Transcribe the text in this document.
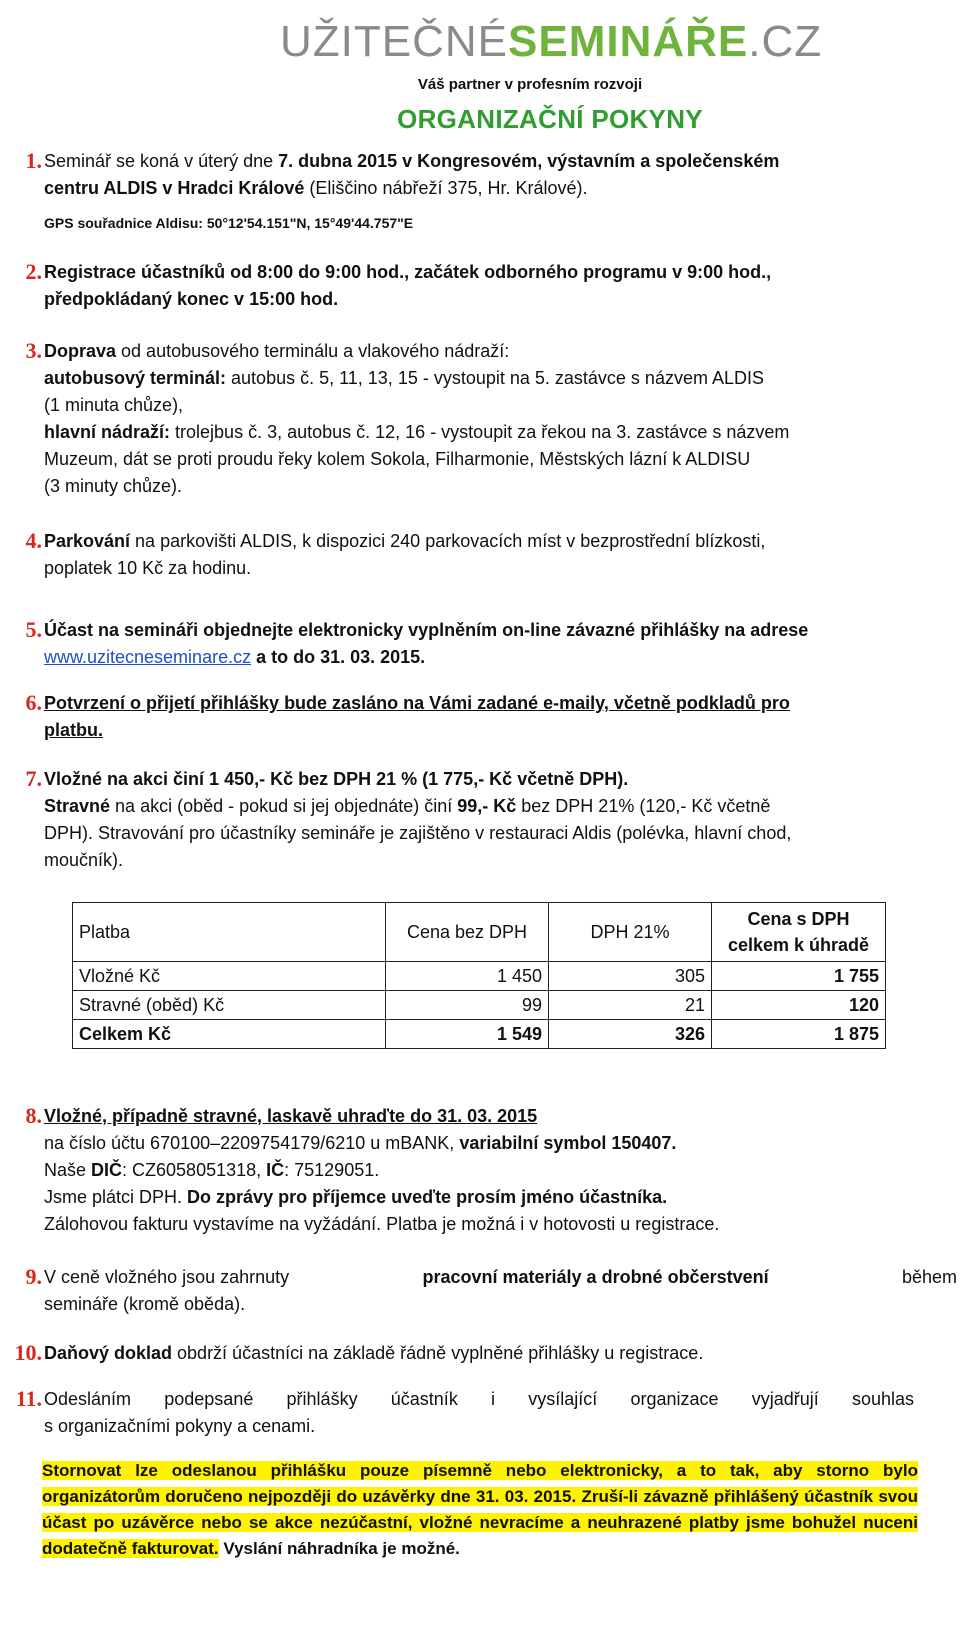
UŽITEČNÉSEMINÁŘE.CZ
Váš partner v profesním rozvoji
ORGANIZAČNÍ POKYNY
1. Seminář se koná v úterý dne 7. dubna 2015 v Kongresovém, výstavním a společenském
centru ALDIS v Hradci Králové (Eliščino nábřeží 375, Hr. Králové).
GPS souřadnice Aldisu: 50°12'54.151"N, 15°49'44.757"E
2. Registrace účastníků od 8:00 do 9:00 hod., začátek odborného programu v 9:00 hod.,
předpokládaný konec v 15:00 hod.
3. Doprava od autobusového terminálu a vlakového nádraží:
autobusový terminál: autobus č. 5, 11, 13, 15 - vystoupit na 5. zastávce s názvem ALDIS
(1 minuta chůze),
hlavní nádraží: trolejbus č. 3, autobus č. 12, 16 - vystoupit za řekou na 3. zastávce s názvem
Muzeum, dát se proti proudu řeky kolem Sokola, Filharmonie, Městských lázní k ALDISU
(3 minuty chůze).
4. Parkování na parkovišti ALDIS, k dispozici 240 parkovacích míst v bezprostřední blízkosti,
poplatek 10 Kč za hodinu.
5. Účast na semináři objednejte elektronicky vyplněním on-line závazné přihlášky na adrese
www.uzitecneseminare.cz a to do 31. 03. 2015.
6. Potvrzení o přijetí přihlášky bude zasláno na Vámi zadané e-maily, včetně podkladů pro
platbu.
7. Vložné na akci činí 1 450,- Kč bez DPH 21 % (1 775,- Kč včetně DPH).
Stravné na akci (oběd - pokud si jej objednáte) činí 99,- Kč bez DPH 21% (120,- Kč včetně
DPH). Stravování pro účastníky semináře je zajištěno v restauraci Aldis (polévka, hlavní chod,
moučník).
Platba	Cena bez DPH	DPH 21%	Cena s DPH celkem k úhradě
Vložné Kč	1 450	305	1 755
Stravné (oběd) Kč	99	21	120
Celkem Kč	1 549	326	1 875
8. Vložné, případně stravné, laskavě uhraďte do 31. 03. 2015
na číslo účtu 670100–2209754179/6210 u mBANK, variabilní symbol 150407.
Naše DIČ: CZ6058051318, IČ: 75129051.
Jsme plátci DPH. Do zprávy pro příjemce uveďte prosím jméno účastníka.
Zálohovou fakturu vystavíme na vyžádání. Platba je možná i v hotovosti u registrace.
9. V ceně vložného jsou zahrnuty	pracovní materiály a drobné občerstvení	během
semináře (kromě oběda).
10. Daňový doklad obdrží účastníci na základě řádně vyplněné přihlášky u registrace.
11. Odesláním podepsané přihlášky účastník i vysílající organizace vyjadřují souhlas
s organizačními pokyny a cenami.
Stornovat lze odeslanou přihlášku pouze písemně nebo elektronicky, a to tak, aby storno bylo organizátorům doručeno nejpozději do uzávěrky dne 31. 03. 2015. Zruší-li závazně přihlášený účastník svou účast po uzávěrce nebo se akce nezúčastní, vložné nevracíme a neuhrazené platby jsme bohužel nuceni dodatečně fakturovat. Vyslání náhradníka je možné.
